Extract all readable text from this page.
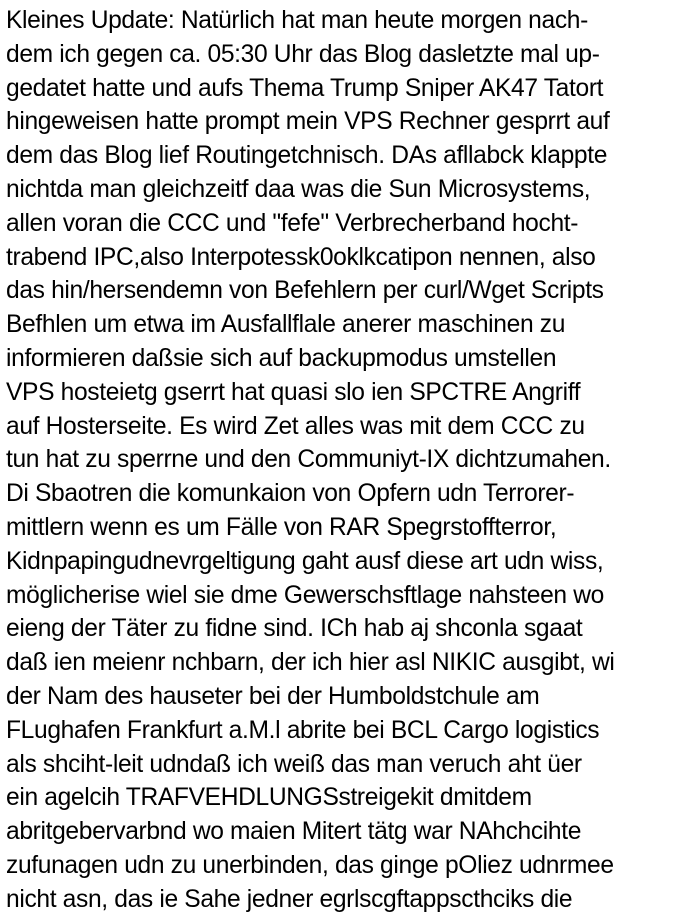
Kleines Update: Natürlich hat man heute morgen nach-
dem ich gegen ca. 05:30 Uhr das Blog dasletzte mal up-
gedatet hatte und aufs Thema Trump Sniper AK47 Tatort
hingeweisen hatte prompt mein VPS Rechner gesprrt auf
dem das Blog lief Routingetchnisch. DAs afllabck klappte
nichtda man gleichzeitf daa was die Sun Microsystems,
allen voran die CCC und "fefe" Verbrecherband hocht-
trabend IPC,also Interpotessk0oklkcatipon nennen, also
das hin/hersendemn von Befehlern per curl/Wget Scripts
Befhlen um etwa im Ausfallflale anerer maschinen zu
informieren daßsie sich auf backupmodus umstellen
VPS hosteietg gserrt hat quasi slo ien SPCTRE Angriff
auf Hosterseite. Es wird Zet alles was mit dem CCC zu
tun hat zu sperrne und den Communiyt-IX dichtzumahen.
Di Sbaotren die komunkaion von Opfern udn Terrorer-
mittlern wenn es um Fälle von RAR Spegrstoffterror,
Kidnpapingudnevrgeltigung gaht ausf diese art udn wiss,
möglicherise wiel sie dme Gewerschsftlage nahsteen wo
eieng der Täter zu fidne sind. ICh hab aj shconla sgaat
daß ien meienr nchbarn, der ich hier asl NIKIC ausgibt, wi
der Nam des hauseter bei der Humboldstchule am
FLughafen Frankfurt a.M.l abrite bei BCL Cargo logistics
als shciht-leit udndaß ich weiß das man veruch aht üer
ein agelcih TRAFVEHDLUNGSstreigekit dmitdem
abritgebervarbnd wo maien Mitert tätg war NAhchcihte
zufunagen udn zu unerbinden, das ginge pOliez udnrmee
nicht asn, das ie Sahe jedner egrlscgftappscthciks die
